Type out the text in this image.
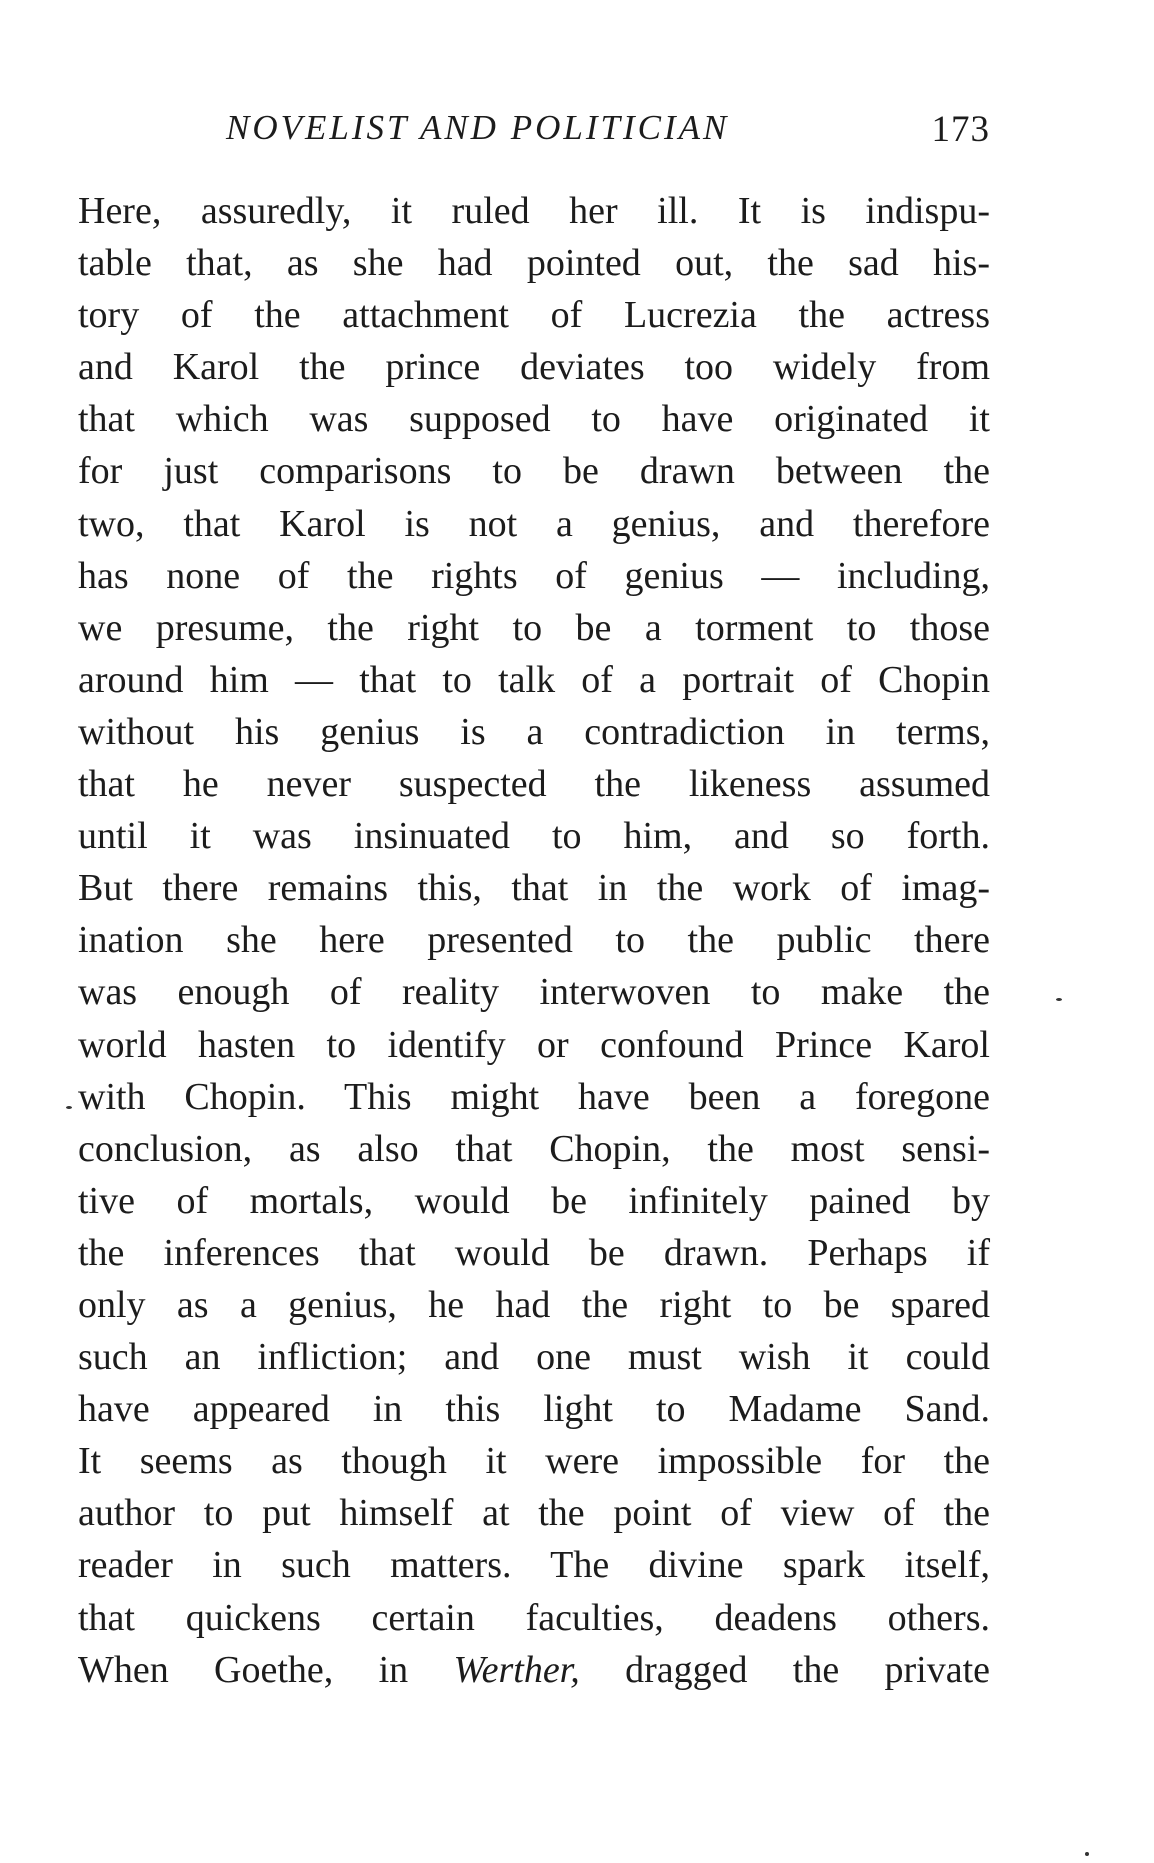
NOVELIST AND POLITICIAN	173
Here, assuredly, it ruled her ill. It is indispu-
table that, as she had pointed out, the sad his-
tory of the attachment of Lucrezia the actress
and Karol the prince deviates too widely from
that which was supposed to have originated it
for just comparisons to be drawn between the
two, that Karol is not a genius, and therefore
has none of the rights of genius — including,
we presume, the right to be a torment to those
around him — that to talk of a portrait of Chopin
without his genius is a contradiction in terms,
that he never suspected the likeness assumed
until it was insinuated to him, and so forth.
But there remains this, that in the work of imag-
ination she here presented to the public there
was enough of reality interwoven to make the
world hasten to identify or confound Prince Karol
with Chopin. This might have been a foregone
conclusion, as also that Chopin, the most sensi-
tive of mortals, would be infinitely pained by
the inferences that would be drawn. Perhaps if
only as a genius, he had the right to be spared
such an infliction; and one must wish it could
have appeared in this light to Madame Sand.
It seems as though it were impossible for the
author to put himself at the point of view of the
reader in such matters. The divine spark itself,
that quickens certain faculties, deadens others.
When Goethe, in Werther, dragged the private
